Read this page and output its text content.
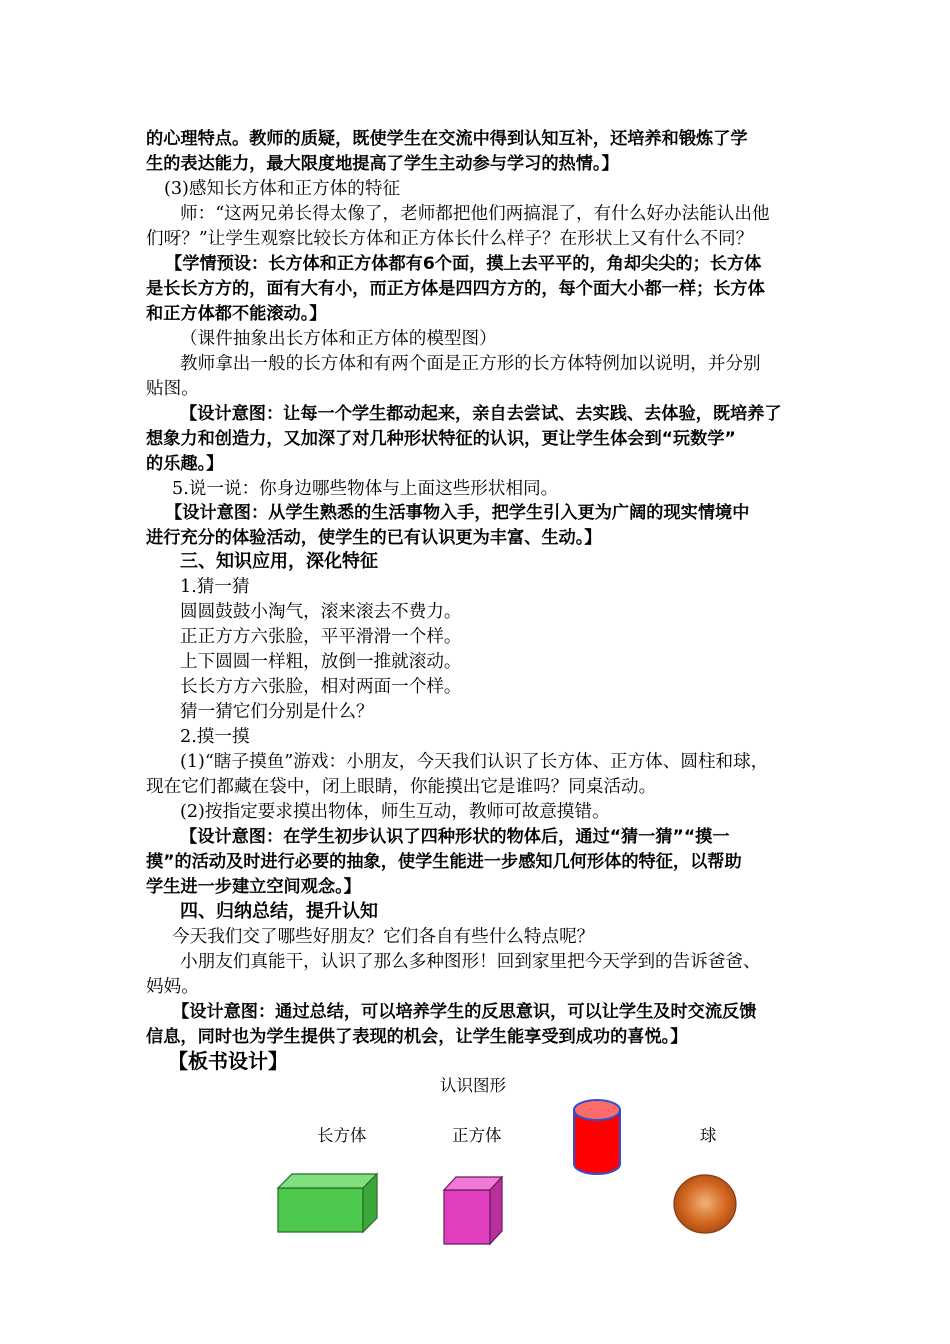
的心理特点。教师的质疑，既使学生在交流中得到认知互补，还培养和锻炼了学
生的表达能力，最大限度地提高了学生主动参与学习的热情。】
(3)感知长方体和正方体的特征
师：“这两兄弟长得太像了，老师都把他们两搞混了，有什么好办法能认出他
们呀？”让学生观察比较长方体和正方体长什么样子？在形状上又有什么不同？
【学情预设：长方体和正方体都有6个面，摸上去平平的，角却尖尖的；长方体
是长长方方的，面有大有小，而正方体是四四方方的，每个面大小都一样；长方体
和正方体都不能滚动。】
（课件抽象出长方体和正方体的模型图）
教师拿出一般的长方体和有两个面是正方形的长方体特例加以说明，并分别
贴图。
【设计意图：让每一个学生都动起来，亲自去尝试、去实践、去体验，既培养了
想象力和创造力，又加深了对几种形状特征的认识，更让学生体会到“玩数学”
的乐趣。】
5.说一说：你身边哪些物体与上面这些形状相同。
【设计意图：从学生熟悉的生活事物入手，把学生引入更为广阔的现实情境中
进行充分的体验活动，使学生的已有认识更为丰富、生动。】
三、知识应用，深化特征
1.猜一猜
圆圆鼓鼓小淘气，滚来滚去不费力。
正正方方六张脸，平平滑滑一个样。
上下圆圆一样粗，放倒一推就滚动。
长长方方六张脸，相对两面一个样。
猜一猜它们分别是什么？
2.摸一摸
(1)“瞎子摸鱼”游戏：小朋友，今天我们认识了长方体、正方体、圆柱和球，
现在它们都藏在袋中，闭上眼睛，你能摸出它是谁吗？同桌活动。
(2)按指定要求摸出物体，师生互动，教师可故意摸错。
【设计意图：在学生初步认识了四种形状的物体后，通过“猜一猜”“摸一
摸”的活动及时进行必要的抽象，使学生能进一步感知几何形体的特征，以帮助
学生进一步建立空间观念。】
四、归纳总结，提升认知
今天我们交了哪些好朋友？它们各自有些什么特点呢？
小朋友们真能干，认识了那么多种图形！回到家里把今天学到的告诉爸爸、
妈妈。
【设计意图：通过总结，可以培养学生的反思意识，可以让学生及时交流反馈
信息，同时也为学生提供了表现的机会，让学生能享受到成功的喜悦。】
【板书设计】
认识图形
长方体	正方体	球
